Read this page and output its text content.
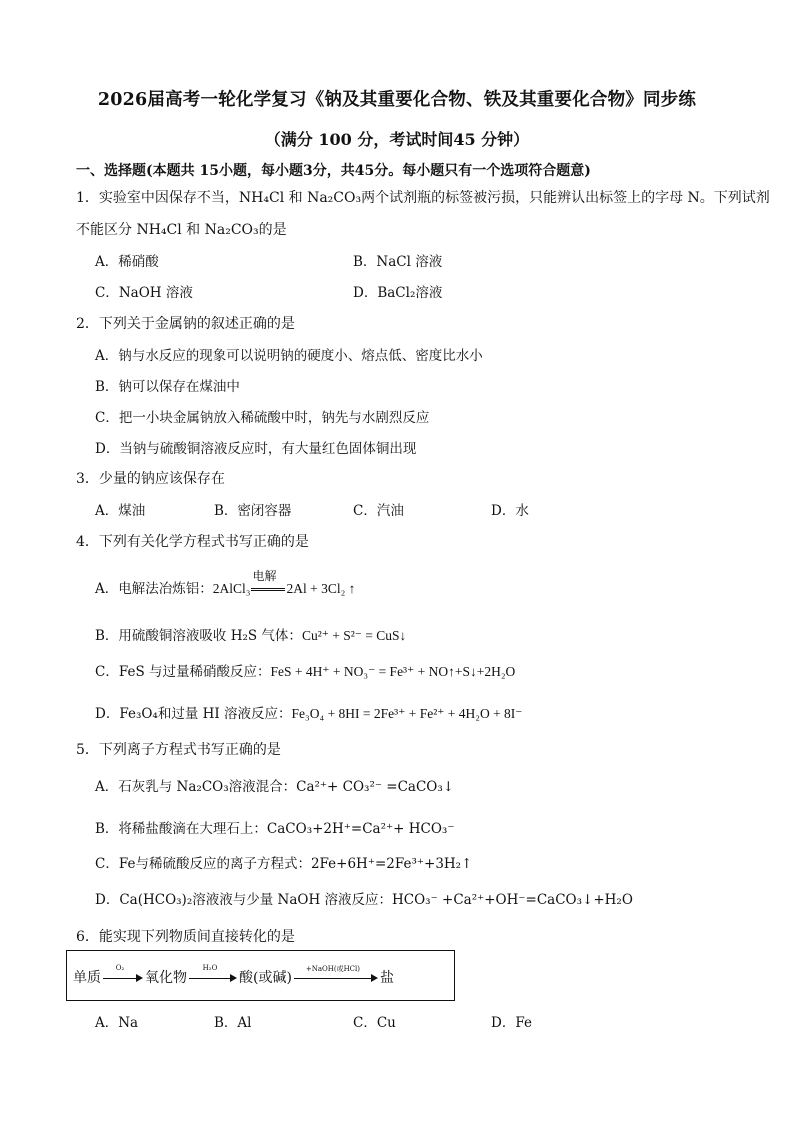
2026届高考一轮化学复习《钠及其重要化合物、铁及其重要化合物》同步练
（满分 100 分，考试时间45 分钟）
一、选择题(本题共 15小题，每小题3分，共45分。每小题只有一个选项符合题意)
1．实验室中因保存不当，NH₄Cl 和 Na₂CO₃两个试剂瓶的标签被污损，只能辨认出标签上的字母 N。下列试剂
不能区分 NH₄Cl 和 Na₂CO₃的是
A．稀硝酸	B．NaCl 溶液
C．NaOH 溶液	D．BaCl₂溶液
2．下列关于金属钠的叙述正确的是
A．钠与水反应的现象可以说明钠的硬度小、熔点低、密度比水小
B．钠可以保存在煤油中
C．把一小块金属钠放入稀硫酸中时，钠先与水剧烈反应
D．当钠与硫酸铜溶液反应时，有大量红色固体铜出现
3．少量的钠应该保存在
A．煤油	B．密闭容器	C．汽油	D．水
4．下列有关化学方程式书写正确的是
A．电解法冶炼铝：2AlCl₃
电解
2Al + 3Cl₂ ↑
B．用硫酸铜溶液吸收 H₂S 气体：Cu²⁺ + S²⁻ = CuS↓
C．FeS 与过量稀硝酸反应：FeS + 4H⁺ + NO₃⁻ = Fe³⁺ + NO↑+S↓+2H₂O
D．Fe₃O₄和过量 HI 溶液反应：Fe₃O₄ + 8HI = 2Fe³⁺ + Fe²⁺ + 4H₂O + 8I⁻
5．下列离子方程式书写正确的是
A．石灰乳与 Na₂CO₃溶液混合：Ca²⁺+ CO₃²⁻ =CaCO₃↓
B．将稀盐酸滴在大理石上：CaCO₃+2H⁺=Ca²⁺+ HCO₃⁻
C．Fe与稀硫酸反应的离子方程式：2Fe+6H⁺=2Fe³⁺+3H₂↑
D．Ca(HCO₃)₂溶液液与少量 NaOH 溶液反应：HCO₃⁻ +Ca²⁺+OH⁻=CaCO₃↓+H₂O
6．能实现下列物质间直接转化的是
单质
O₂
氧化物
H₂O
酸(或碱)
+NaOH(或HCl)
盐
A．Na	B．Al	C．Cu	D．Fe
